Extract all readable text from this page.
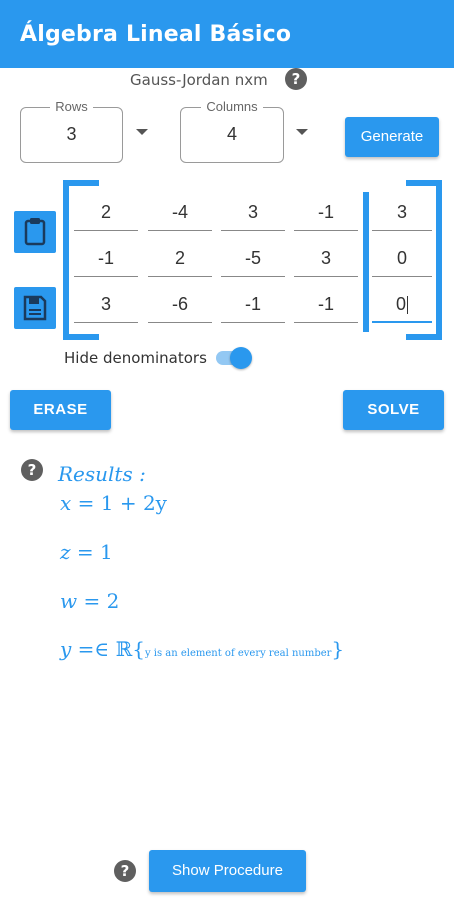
Álgebra Lineal Básico
Gauss-Jordan nxm	?
Rows
3
Columns
4	Generate
2	-4	3	-1	3
-1	2	-5	3	0
3	-6	-1	-1	0
Hide denominators
ERASE	SOLVE
?	Results :
x = 1 + 2y
z = 1
w = 2
y =∈ ℝ{y is an element of every real number}
?	Show Procedure
